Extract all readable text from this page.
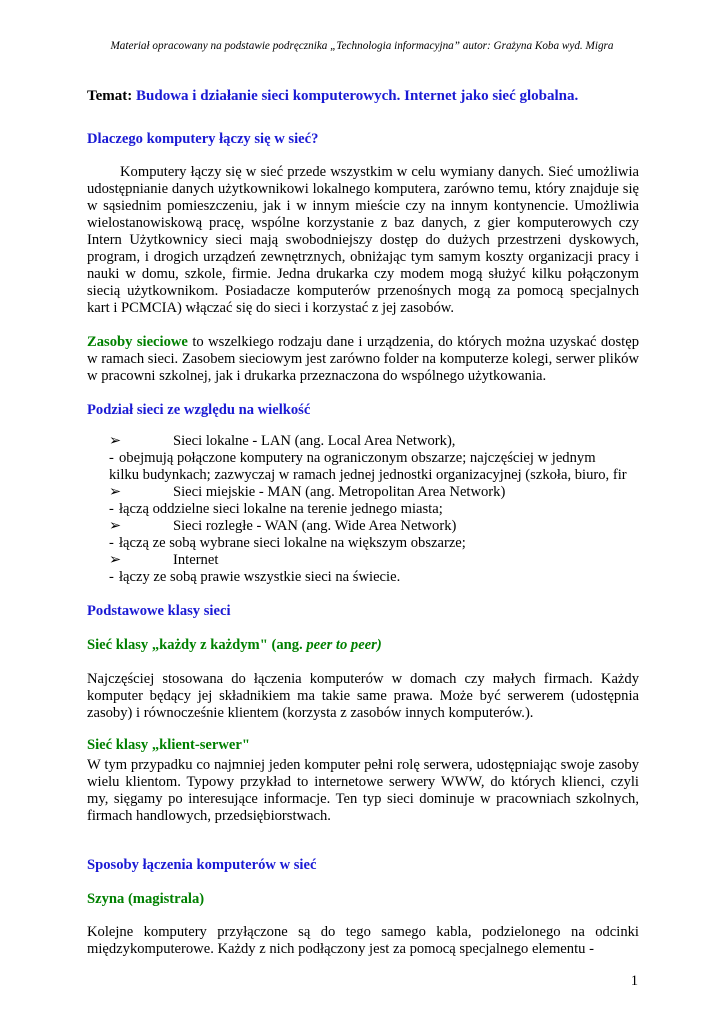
Materiał opracowany na podstawie podręcznika „Technologia informacyjna” autor: Grażyna Koba wyd. Migra

Temat: Budowa i działanie sieci komputerowych. Internet jako sieć globalna.

Dlaczego komputery łączy się w sieć?

Komputery łączy się w sieć przede wszystkim w celu wymiany danych. Sieć umożliwia udostępnianie danych użytkownikowi lokalnego komputera, zarówno temu, który znajduje się w sąsiednim pomieszczeniu, jak i w innym mieście czy na innym kontynencie. Umożliwia wielostanowiskową pracę, wspólne korzystanie z baz danych, z gier komputerowych czy Intern Użytkownicy sieci mają swobodniejszy dostęp do dużych przestrzeni dyskowych, program, i drogich urządzeń zewnętrznych, obniżając tym samym koszty organizacji pracy i nauki w domu, szkole, firmie. Jedna drukarka czy modem mogą służyć kilku połączonym siecią użytkownikom. Posiadacze komputerów przenośnych mogą za pomocą specjalnych kart i PCMCIA) włączać się do sieci i korzystać z jej zasobów.

Zasoby sieciowe to wszelkiego rodzaju dane i urządzenia, do których można uzyskać dostęp w ramach sieci. Zasobem sieciowym jest zarówno folder na komputerze kolegi, serwer plików w pracowni szkolnej, jak i drukarka przeznaczona do wspólnego użytkowania.

Podział sieci ze względu na wielkość

➢	Sieci lokalne - LAN (ang. Local Area Network),
- obejmują połączone komputery na ograniczonym obszarze; najczęściej w jednym
kilku budynkach; zazwyczaj w ramach jednej jednostki organizacyjnej (szkoła, biuro, fir
➢	Sieci miejskie - MAN (ang. Metropolitan Area Network)
- łączą oddzielne sieci lokalne na terenie jednego miasta;
➢	Sieci rozległe - WAN (ang. Wide Area Network)
- łączą ze sobą wybrane sieci lokalne na większym obszarze;
➢	Internet
- łączy ze sobą prawie wszystkie sieci na świecie.

Podstawowe klasy sieci

Sieć klasy „każdy z każdym" (ang. peer to peer)

Najczęściej stosowana do łączenia komputerów w domach czy małych firmach. Każdy komputer będący jej składnikiem ma takie same prawa. Może być serwerem (udostępnia zasoby) i równocześnie klientem (korzysta z zasobów innych komputerów.).

Sieć klasy „klient-serwer"

W tym przypadku co najmniej jeden komputer pełni rolę serwera, udostępniając swoje zasoby wielu klientom. Typowy przykład to internetowe serwery WWW, do których klienci, czyli my, sięgamy po interesujące informacje. Ten typ sieci dominuje w pracowniach szkolnych, firmach handlowych, przedsiębiorstwach.

Sposoby łączenia komputerów w sieć

Szyna (magistrala)

Kolejne komputery przyłączone są do tego samego kabla, podzielonego na odcinki międzykomputerowe. Każdy z nich podłączony jest za pomocą specjalnego elementu -

1
